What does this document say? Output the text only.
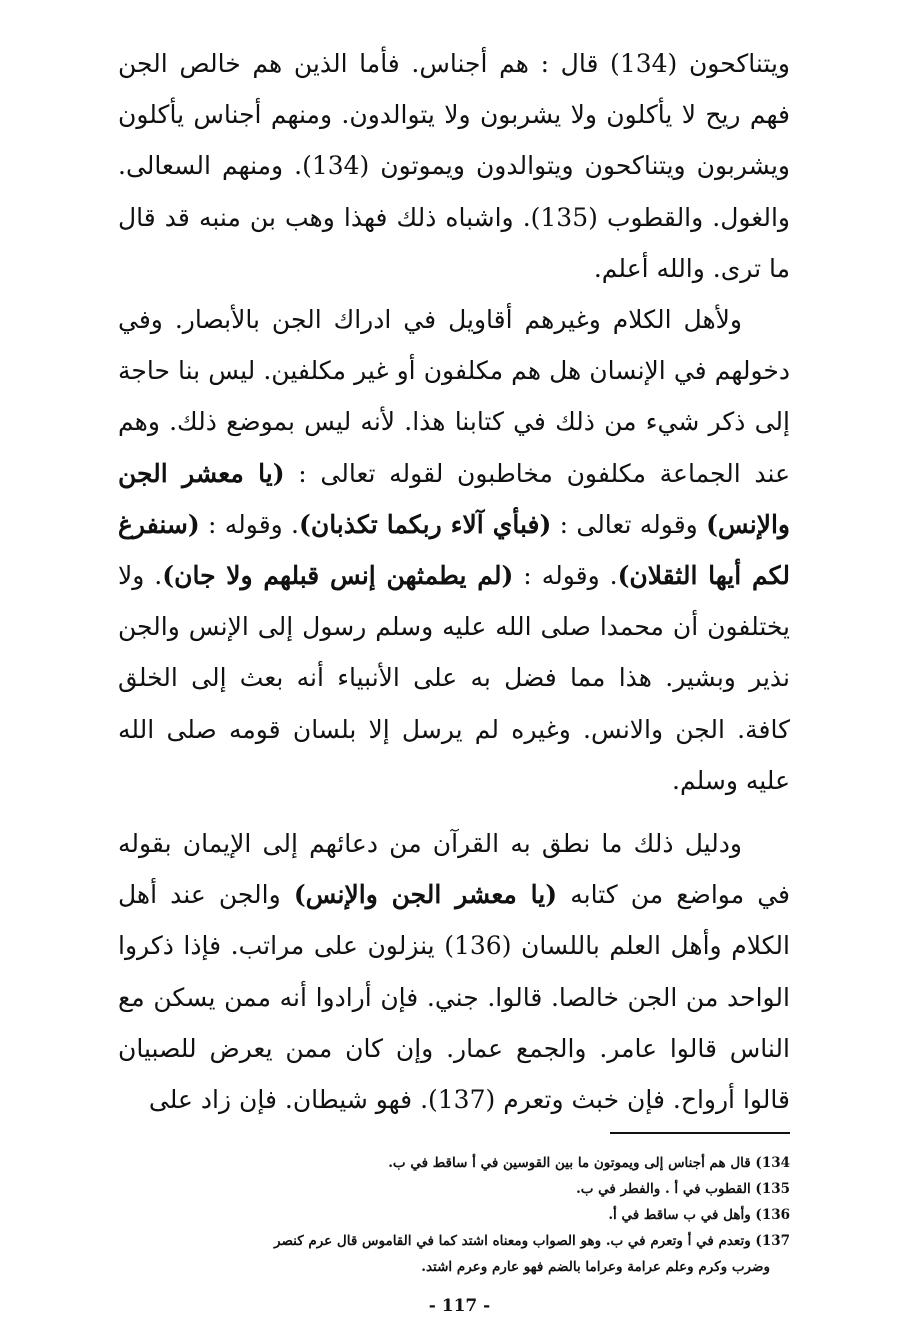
ويتناكحون (134) قال : هم أجناس. فأما الذين هم خالص الجن فهم ريح لا يأكلون ولا يشربون ولا يتوالدون. ومنهم أجناس يأكلون ويشربون ويتناكحون ويتوالدون ويموتون (134). ومنهم السعالى. والغول. والقطوب (135). واشباه ذلك فهذا وهب بن منبه قد قال ما ترى. والله أعلم.

ولأهل الكلام وغيرهم أقاويل في ادراك الجن بالأبصار. وفي دخولهم في الإنسان هل هم مكلفون أو غير مكلفين. ليس بنا حاجة إلى ذكر شيء من ذلك في كتابنا هذا. لأنه ليس بموضع ذلك. وهم عند الجماعة مكلفون مخاطبون لقوله تعالى : (يا معشر الجن والإنس) وقوله تعالى : (فبأي آلاء ربكما تكذبان). وقوله : (سنفرغ لكم أيها الثقلان). وقوله : (لم يطمثهن إنس قبلهم ولا جان). ولا يختلفون أن محمدا صلى الله عليه وسلم رسول إلى الإنس والجن نذير وبشير. هذا مما فضل به على الأنبياء أنه بعث إلى الخلق كافة. الجن والانس. وغيره لم يرسل إلا بلسان قومه صلى الله عليه وسلم.

ودليل ذلك ما نطق به القرآن من دعائهم إلى الإيمان بقوله في مواضع من كتابه (يا معشر الجن والإنس) والجن عند أهل الكلام وأهل العلم باللسان (136) ينزلون على مراتب. فإذا ذكروا الواحد من الجن خالصا. قالوا. جني. فإن أرادوا أنه ممن يسكن مع الناس قالوا عامر. والجمع عمار. وإن كان ممن يعرض للصبيان قالوا أرواح. فإن خبث وتعرم (137). فهو شيطان. فإن زاد على

134) قال هم أجناس إلى ويموتون ما بين القوسين في أ ساقط في ب.

135) القطوب في أ . والفطر في ب.

136) وأهل في ب ساقط في أ.

137) وتعدم في أ وتعرم في ب. وهو الصواب ومعناه اشتد كما في القاموس قال عرم كنصر

وضرب وكرم وعلم عرامة وعراما بالضم فهو عارم وعرم اشتد.

- 117 -
